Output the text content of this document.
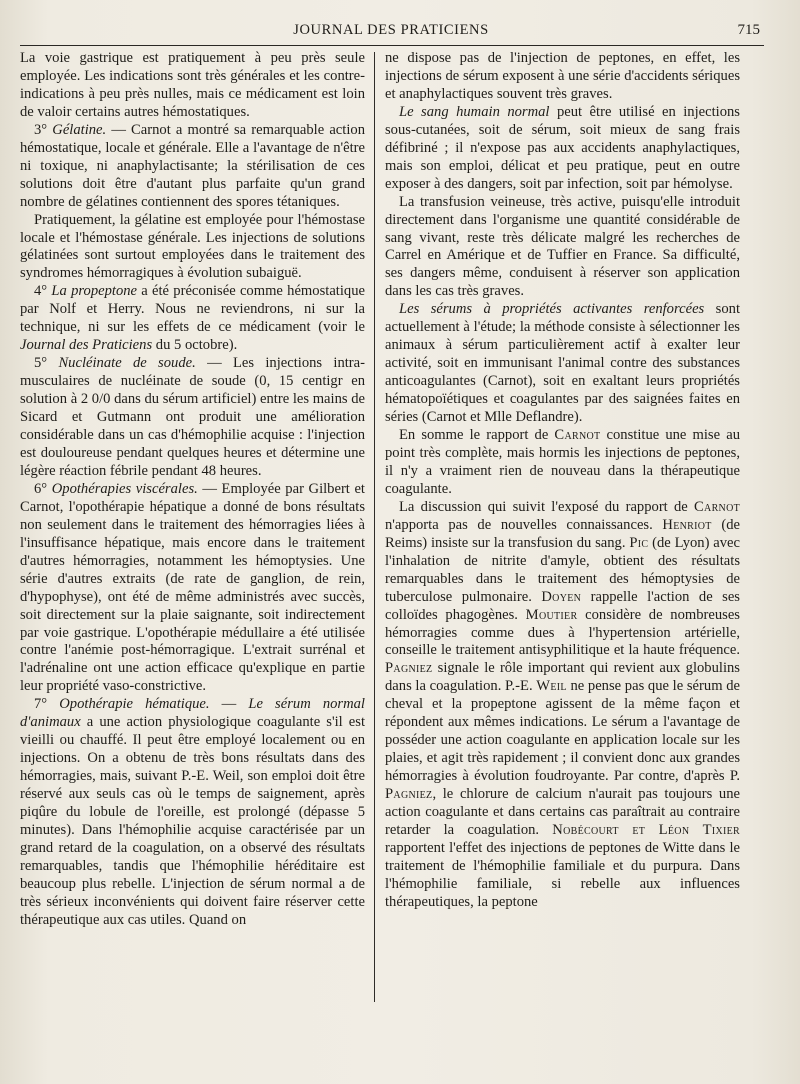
JOURNAL DES PRATICIENS	715

La voie gastrique est pratiquement à peu près seule employée. Les indications sont très générales et les contre-indications à peu près nulles, mais ce médicament est loin de valoir certains autres hémostatiques.

3° Gélatine. — Carnot a montré sa remarquable action hémostatique, locale et générale. Elle a l'avantage de n'être ni toxique, ni anaphylactisante; la stérilisation de ces solutions doit être d'autant plus parfaite qu'un grand nombre de gélatines contiennent des spores tétaniques.

Pratiquement, la gélatine est employée pour l'hémostase locale et l'hémostase générale. Les injections de solutions gélatinées sont surtout employées dans le traitement des syndromes hémorragiques à évolution subaiguë.

4° La propeptone a été préconisée comme hémostatique par Nolf et Herry. Nous ne reviendrons, ni sur la technique, ni sur les effets de ce médicament (voir le Journal des Praticiens du 5 octobre).

5° Nucléinate de soude. — Les injections intra-musculaires de nucléinate de soude (0, 15 centigr en solution à 2 0/0 dans du sérum artificiel) entre les mains de Sicard et Gutmann ont produit une amélioration considérable dans un cas d'hémophilie acquise : l'injection est douloureuse pendant quelques heures et détermine une légère réaction fébrile pendant 48 heures.

6° Opothérapies viscérales. — Employée par Gilbert et Carnot, l'opothérapie hépatique a donné de bons résultats non seulement dans le traitement des hémorragies liées à l'insuffisance hépatique, mais encore dans le traitement d'autres hémorragies, notamment les hémoptysies. Une série d'autres extraits (de rate de ganglion, de rein, d'hypophyse), ont été de même administrés avec succès, soit directement sur la plaie saignante, soit indirectement par voie gastrique. L'opothérapie médullaire a été utilisée contre l'anémie post-hémorragique. L'extrait surrénal et l'adrénaline ont une action efficace qu'explique en partie leur propriété vaso-constrictive.

7° Opothérapie hématique. — Le sérum normal d'animaux a une action physiologique coagulante s'il est vieilli ou chauffé. Il peut être employé localement ou en injections. On a obtenu de très bons résultats dans des hémorragies, mais, suivant P.-E. Weil, son emploi doit être réservé aux seuls cas où le temps de saignement, après piqûre du lobule de l'oreille, est prolongé (dépasse 5 minutes). Dans l'hémophilie acquise caractérisée par un grand retard de la coagulation, on a observé des résultats remarquables, tandis que l'hémophilie héréditaire est beaucoup plus rebelle. L'injection de sérum normal a de très sérieux inconvénients qui doivent faire réserver cette thérapeutique aux cas utiles. Quand on

ne dispose pas de l'injection de peptones, en effet, les injections de sérum exposent à une série d'accidents sériques et anaphylactiques souvent très graves.

Le sang humain normal peut être utilisé en injections sous-cutanées, soit de sérum, soit mieux de sang frais défibriné ; il n'expose pas aux accidents anaphylactiques, mais son emploi, délicat et peu pratique, peut en outre exposer à des dangers, soit par infection, soit par hémolyse.

La transfusion veineuse, très active, puisqu'elle introduit directement dans l'organisme une quantité considérable de sang vivant, reste très délicate malgré les recherches de Carrel en Amérique et de Tuffier en France. Sa difficulté, ses dangers même, conduisent à réserver son application dans les cas très graves.

Les sérums à propriétés activantes renforcées sont actuellement à l'étude; la méthode consiste à sélectionner les animaux à sérum particulièrement actif à exalter leur activité, soit en immunisant l'animal contre des substances anticoagulantes (Carnot), soit en exaltant leurs propriétés hématopoïétiques et coagulantes par des saignées faites en séries (Carnot et Mlle Deflandre).

En somme le rapport de Carnot constitue une mise au point très complète, mais hormis les injections de peptones, il n'y a vraiment rien de nouveau dans la thérapeutique coagulante.

La discussion qui suivit l'exposé du rapport de Carnot n'apporta pas de nouvelles connaissances. Henriot (de Reims) insiste sur la transfusion du sang. Pic (de Lyon) avec l'inhalation de nitrite d'amyle, obtient des résultats remarquables dans le traitement des hémoptysies de tuberculose pulmonaire. Doyen rappelle l'action de ses colloïdes phagogènes. Moutier considère de nombreuses hémorragies comme dues à l'hypertension artérielle, conseille le traitement antisyphilitique et la haute fréquence. Pagniez signale le rôle important qui revient aux globulins dans la coagulation. P.-E. Weil ne pense pas que le sérum de cheval et la propeptone agissent de la même façon et répondent aux mêmes indications. Le sérum a l'avantage de posséder une action coagulante en application locale sur les plaies, et agit très rapidement ; il convient donc aux grandes hémorragies à évolution foudroyante. Par contre, d'après P. Pagniez, le chlorure de calcium n'aurait pas toujours une action coagulante et dans certains cas paraîtrait au contraire retarder la coagulation. Nobécourt et Léon Tixier rapportent l'effet des injections de peptones de Witte dans le traitement de l'hémophilie familiale et du purpura. Dans l'hémophilie familiale, si rebelle aux influences thérapeutiques, la peptone
